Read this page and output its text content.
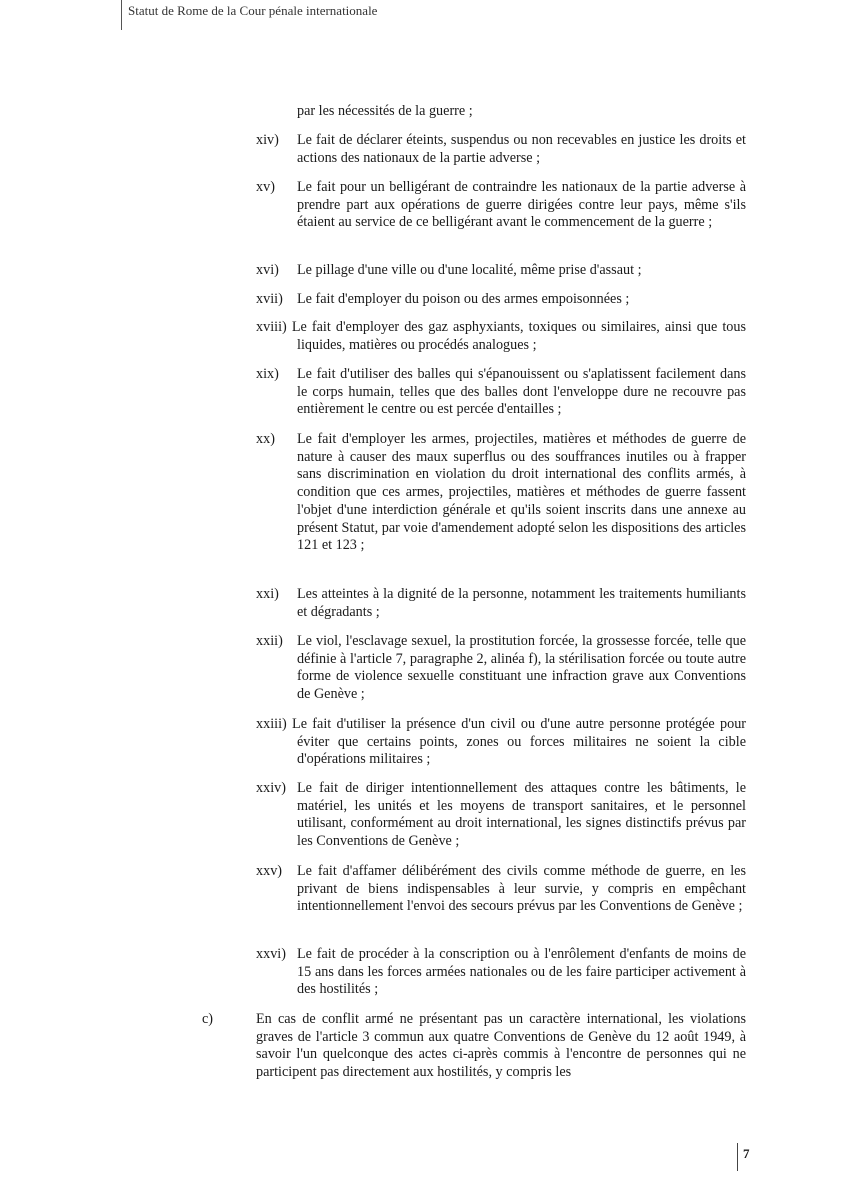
Statut de Rome de la Cour pénale internationale
par les nécessités de la guerre ;
xiv)	Le fait de déclarer éteints, suspendus ou non recevables en justice les droits et actions des nationaux de la partie adverse ;
xv)	Le fait pour un belligérant de contraindre les nationaux de la partie adverse à prendre part aux opérations de guerre dirigées contre leur pays, même s'ils étaient au service de ce belligérant avant le commencement de la guerre ;
xvi)	Le pillage d'une ville ou d'une localité, même prise d'assaut ;
xvii)	Le fait d'employer du poison ou des armes empoisonnées ;
xviii) Le fait d'employer des gaz asphyxiants, toxiques ou similaires, ainsi que tous liquides, matières ou procédés analogues ;
xix)	Le fait d'utiliser des balles qui s'épanouissent ou s'aplatissent facilement dans le corps humain, telles que des balles dont l'enveloppe dure ne recouvre pas entièrement le centre ou est percée d'entailles ;
xx)	Le fait d'employer les armes, projectiles, matières et méthodes de guerre de nature à causer des maux superflus ou des souffrances inutiles ou à frapper sans discrimination en violation du droit international des conflits armés, à condition que ces armes, projectiles, matières et méthodes de guerre fassent l'objet d'une interdiction générale et qu'ils soient inscrits dans une annexe au présent Statut, par voie d'amendement adopté selon les dispositions des articles 121 et 123 ;
xxi)	Les atteintes à la dignité de la personne, notamment les traitements humiliants et dégradants ;
xxii)	Le viol, l'esclavage sexuel, la prostitution forcée, la grossesse forcée, telle que définie à l'article 7, paragraphe 2, alinéa f), la stérilisation forcée ou toute autre forme de violence sexuelle constituant une infraction grave aux Conventions de Genève ;
xxiii) Le fait d'utiliser la présence d'un civil ou d'une autre personne protégée pour éviter que certains points, zones ou forces militaires ne soient la cible d'opérations militaires ;
xxiv) Le fait de diriger intentionnellement des attaques contre les bâtiments, le matériel, les unités et les moyens de transport sanitaires, et le personnel utilisant, conformément au droit international, les signes distinctifs prévus par les Conventions de Genève ;
xxv)	Le fait d'affamer délibérément des civils comme méthode de guerre, en les privant de biens indispensables à leur survie, y compris en empêchant intentionnellement l'envoi des secours prévus par les Conventions de Genève ;
xxvi) Le fait de procéder à la conscription ou à l'enrôlement d'enfants de moins de 15 ans dans les forces armées nationales ou de les faire participer activement à des hostilités ;
c)	En cas de conflit armé ne présentant pas un caractère international, les violations graves de l'article 3 commun aux quatre Conventions de Genève du 12 août 1949, à savoir l'un quelconque des actes ci-après commis à l'encontre de personnes qui ne participent pas directement aux hostilités, y compris les
7
